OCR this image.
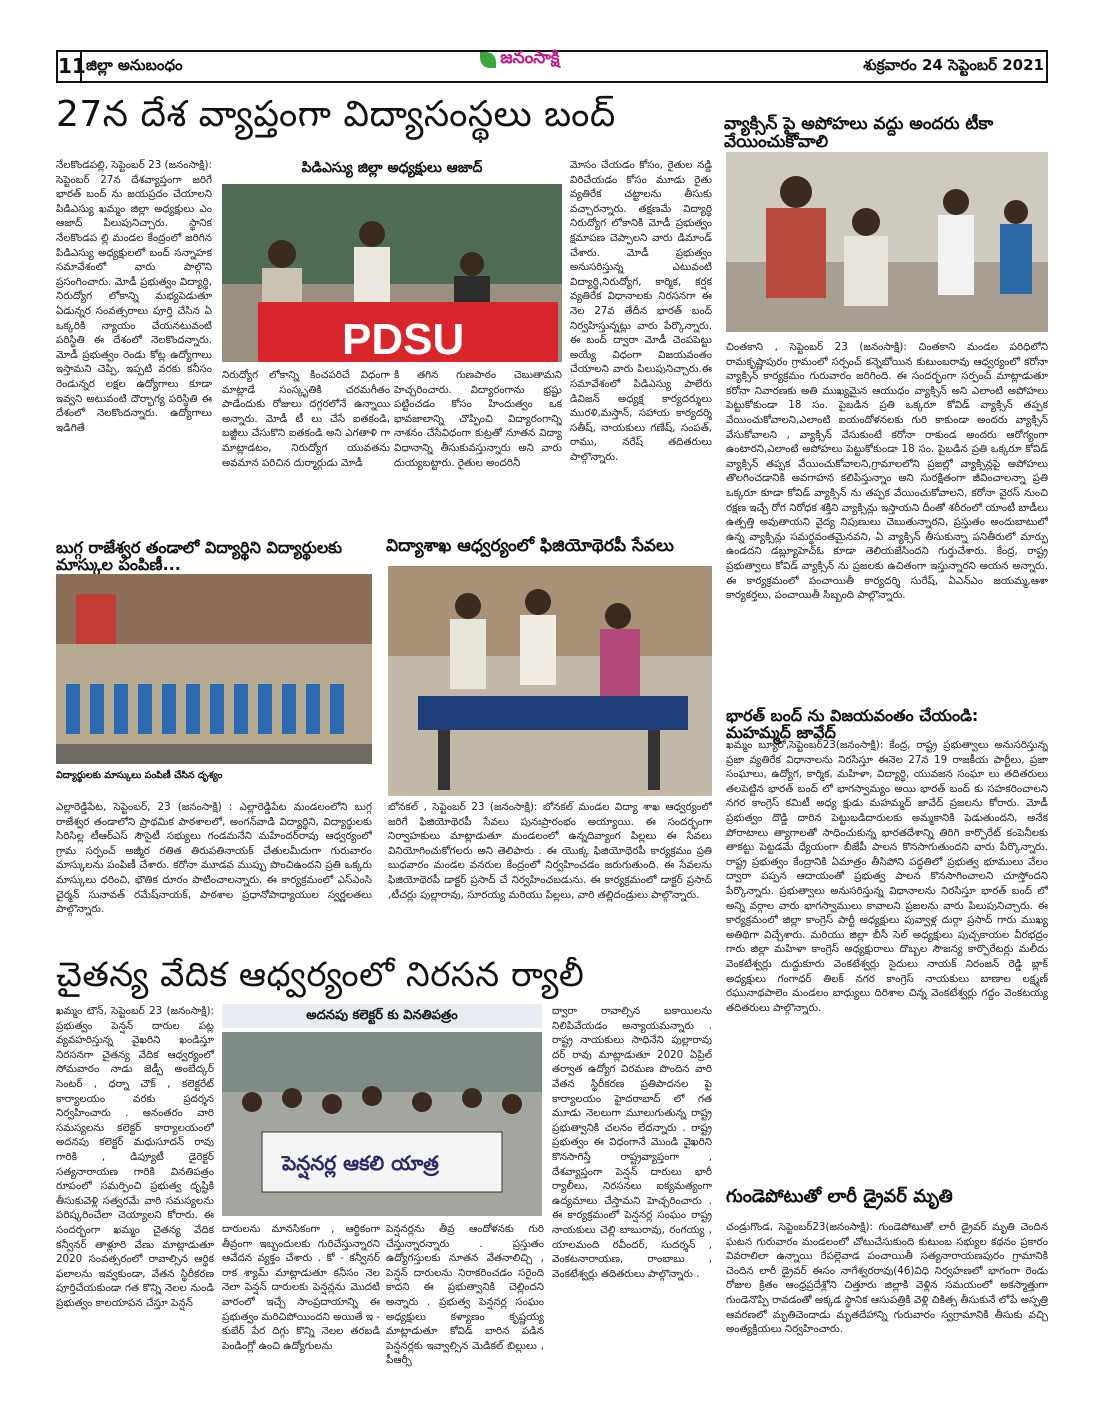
11 జిల్లా అనుబంధం	జనంసాక్షి	శుక్రవారం 24 సెప్టెంబర్ 2021
27న దేశ వ్యాప్తంగా విద్యాసంస్థలు బంద్
నేలకొండపల్లి, సెప్టెంబర్ 23 (జనంసాక్షి): సెప్టెంబర్ 27న దేశవ్యాప్తంగా జరిగే భారత్ బంద్ ను జయప్రదం చేయాలని పిడిఎస్యు ఖమ్మం జిల్లా అధ్యక్షులు ఎం ఆజాద్ పిలుపునిచ్చారు. స్థానిక నేలకొండప ల్లి మండల కేంద్రంలో జరిగిన పిడిఎస్యు అధ్యక్షులలో బంద్ సన్నాహక సమావేశంలో వారు పాల్గొని ప్రసంగించారు. మోడీ ప్రభుత్వం విద్యార్థి, నిరుద్యోగ లోకాన్ని మభ్యపెడుతూ ఏడున్నర సంవత్సరాలు పూర్తి చేసిన ఏ ఒక్కరికి న్యాయం చేయనటువంటి పరిస్థితి ఈ దేశంలో నెలకొందన్నారు. మోడీ ప్రభుత్వం రెండు కోట్ల ఉద్యోగాలు ఇస్తామని చెప్పి, ఇప్పటి వరకు కనీసం రెండున్నర లక్షల ఉద్యోగాలు కూడా ఇవ్వని అటువంటి దౌర్భాగ్య పరిస్థితి ఈ దేశంలో నెలకొందన్నారు. ఉద్యోగాలు ఇడిగితే
పిడిఎస్యు జిల్లా అధ్యక్షులు ఆజాద్
PDSU
నిరుద్యోగ లోకాన్ని కించపరిచే విధంగా మాట్లాడే సంస్కృతికి చరమగీతం పాడేందుకు రోజులు దగ్గరలోనే ఉన్నాయి అన్నారు. మోడీ టీ లు చేసే ఐతకండి, బజ్జీలు చేసుకొని ఐతకండి అని ఎగతాళి గా మాట్లాడటం, నిరుద్యోగ యువతను అవమాన పరిచిన దుర్మార్గుడు మోడీ
కి తగిన గుణపాఠం చెబుతామని హెచ్చరించారు. విద్యారంగాను భ్రష్టు పట్టించడం కోసం హిందుత్వం ఒక భావజాలాన్ని చొప్పించి విద్యారంగాన్ని నాశనం చేసేవిధంగా కుట్రతో నూతన విద్యా విధానాన్ని తీసుకువస్తున్నారు అని వారు దుయ్యబట్టారు. రైతుల అందరినీ
మోసం చేయడం కోసం, రైతుల నడ్డి విరిచేయడం కోసం మూడు రైతు వ్యతిరేక చట్టాలను తీసుకు వచ్చారన్నారు. తక్షణమే విద్యార్థి నిరుద్యోగ లోకానికి మోడీ ప్రభుత్వం క్షమాపణ చెప్పాలని వారు డిమాండ్ చేశారు. మోడీ ప్రభుత్వం అనుసరిస్తున్న ఎటువంటి విద్యార్థి,నిరుద్యోగ, కార్మిక, కర్షక వ్యతిరేక విధానాలకు నిరసనగా ఈ నెల 27వ తేదీన భారత్ బంద్ నిర్వహిస్తున్నట్లు వారు పేర్కొన్నారు. ఈ బంద్ ద్వారా మోడీ చెంపపెట్టు అయ్యే విధంగా విజయవంతం చేయాలని వారు పిలుపునిచ్చారు.ఈ సమావేశంలో పిడిఎస్యు పాలేరు డివిజన్ అధ్యక్ష కార్యదర్శులు మురళి,మస్తాన్, సహాయ కార్యదర్శి సతీష్, నాయకులు గణేష్, సంపత్, రాము, నరేష్ తదితరులు పాల్గొన్నారు.
వ్యాక్సిన్ పై అపోహలు వద్దు అందరు టీకా వేయించుకోవాలి
చింతకాని , సెప్టెంబర్ 23 (జనంసాక్షి): చింతకాని మండల పరిధిలోని రామకృష్ణాపురం గ్రామంలో సర్పంచ్ కన్నెబోయిన కుటుంబరావు ఆధ్వర్యంలో కరోనా వ్యాక్సిన్ కార్యక్రమం గురువారం జరిగింది. ఈ సందర్భంగా సర్పంచ్ మాట్లాడుతూ కరోనా నివారణకు అతి ముఖ్యమైన ఆయుధం వ్యాక్సిన్ అని ఎలాంటి అపోహలు పెట్టుకోకుండా 18 సం. పైబడిన ప్రతి ఒక్కరూ కోవిడ్ వ్యాక్సిన్ తప్పక వేయించుకోవాలని,ఎలాంటి ఐయందోళనలకు గురి కాకుండా అందరు వ్యాక్సిన్ వేసుకోవాలని , వ్యాక్సిన్ వేసుకుంటే కరోనా రాకుండ అందరు ఆరోగ్యంగా ఉంటారని,ఎలాంటి అపోహలు పెట్టుకోకుండా 18 సం. పైబడిన ప్రతి ఒక్కరూ కోవిడ్ వ్యాక్సిన్ తప్పక వేయించుకోవాలని,గ్రామాలలోని ప్రజల్లో వ్యాక్సిన్లపై అపోహలు తొలగించడానికి అవగాహన కలిపిస్తున్నాం అని సురక్షితంగా జీవించాలన్నా ప్రతి ఒక్కరూ కూడా కోవిడ్ వ్యాక్సిన్ ను తప్పక వేయించుకోవాలని, కరోనా వైరస్ నుంచి రక్షణ ఇచ్చే రోగ నిరోధక శక్తిని వ్యాక్సిన్లు ఇస్తాయని దీంతో శరీరంలో యాంటీ బాడీలు ఉత్పత్తి అవుతాయని వైద్య నిపుణులు చెబుతున్నారని, ప్రస్తుతం అందుబాటులో ఉన్న వ్యాక్సిన్లు సమర్థవంతమైనవని, ఏ వ్యాక్సిన్ తీసుకున్నా పనితీరులో మార్పు ఉండదని డబ్ల్యూహెచ్ఓ కూడా తెలియజేసిందని గుర్తుచేశారు. కేంద్ర, రాష్ట్ర ప్రభుత్వాలు కోవిడ్ వ్యాక్సిన్ ను ప్రజలకు ఉచితంగా ఇస్తున్నారని అయన అన్నారు. ఈ కార్యక్రమంలో పంచాయితీ కార్యదర్శి సురేష్, ఏఎన్ఎం జయమ్మ,ఆశా కార్యకర్తలు, పంచాయితీ సిబ్బంది పాల్గొన్నారు.
బుగ్గ రాజేశ్వర తండాలో విద్యార్థిని విద్యార్థులకు మాస్కుల పంపిణీ...
విద్యార్థులకు మాస్కులు పంపిణీ చేసిన దృశ్యం
ఎల్లారెడ్డిపేట, సెప్టెంబర్, 23 (జనంసాక్షి) : ఎల్లారెడ్డిపేట మండలంలోని బుగ్గ రాజేశ్వర తండాలోని ప్రాథమిక పాఠశాలలో, అంగన్‌వాడి విద్యార్థిని, విద్యార్థులకు సిరిసిల్ల టీఆర్ఎస్ సౌసైటీ సభ్యులు గండమనేని మహేందర్‌రావు ఆధ్వర్యంలో గ్రామ సర్పంచ్ అజ్మీర రతిత తిరుపతినాయక్ చేతులమీదుగా గురువారం మాస్కులను పంపిణీ చేశారు. కరోనా మూడవ ముప్పు పొంచిఉందని ప్రతి ఒక్కరు మాస్కులు ధరించి, భౌతిక దూరం పాటించాలన్నారు. ఈ కార్యక్రమంలో ఎస్ఎంసి చైర్మన్ సునావత్ రమేష్‌నాయక్, పాఠశాల ప్రధానోపాధ్యాయుల స్వర్ణలతలు పాల్గొన్నారు.
విద్యాశాఖ ఆధ్వర్యంలో ఫిజియోథెరపీ సేవలు
బోనకల్ , సెప్టెంబర్ 23 (జనంసాక్షి): బోనకల్ మండల విద్యా శాఖ ఆధ్వర్యంలో జరిగే ఫిజియోథెరపీ సేవలు పునఃప్రారంభం అయ్యాయి. ఈ సందర్భంగా నిర్వాహకులు మాట్లాడుతూ మండలంలో ఉన్నదివ్యాంగ పిల్లలు ఈ సేవలు వినియోగించుకోగలరు అని తెలిపారు . ఈ యొక్క ఫిజియోథెరపీ కార్యక్రమం ప్రతి బుధవారం మండల వనరుల కేంద్రంలో నిర్వహించడం జరుగుతుంది. ఈ సేవలను ఫిజియోథెరపీ డాక్టర్ ప్రసాద్ చే నిర్వహించబడును. ఈ కార్యక్రమంలో డాక్టర్ ప్రసాద్ ,టీచర్లు పుల్లారావు, సూరయ్య మరియు పిల్లలు, వారి తల్లిదండ్రులు పాల్గొన్నారు.
భారత్ బంద్ ను విజయవంతం చేయండి: మహమ్మద్ జావేద్
ఖమ్మం బ్యూరో,సెప్టెంబర్23(జనంసాక్షి): కేంద్ర, రాష్ట్ర ప్రభుత్వాలు అనుసరిస్తున్న ప్రజా వ్యతిరేక విధానాలను నిరసిస్తూ ఈనెల 27న 19 రాజకీయ పార్టీలు, ప్రజా సంఘాలు, ఉద్యోగ, కార్మిక, మహిళా, విద్యార్థి, యువజన సంఘా లు తదితరులు తలపెట్టిన భారత్ బంద్ లో భాగస్వామ్యం అయి భారత్ బంద్ కు సహకరించాలని నగర కాంగ్రెస్ కమిటీ అధ్య క్షుడు మహమ్మద్ జావేద్ ప్రజలను కోరారు. మోడీ ప్రభుత్వం దొడ్డి దారిన పెట్టుబడిదారులకు అమ్మకానికి పెడుతుందని, అనేక పోరాటాలు త్యాగాలతో సాధించుకున్న భారతదేశాన్ని తిరిగి కార్పొరేట్ కంపెనీలకు తాకట్టు పెట్టడమే ధ్యేయంగా బీజేపీ పాలన కొనసాగుతుందని వారు పేర్కొన్నారు. రాష్ట్ర ప్రభుత్వం కేంద్రానికి ఏమాత్రం తీసిపోని పద్ధతిలో ప్రభుత్వ భూములు వేలం ద్వారా పప్పన ఆదాయంతో ప్రభుత్వ పాలన కొనసాగించాలని చూస్తోందని పేర్కొన్నారు. ప్రభుత్వాలు అనుసరిస్తున్న విధానాలను నిరసిస్తూ భారత్ బంద్ లో అన్ని వర్గాల వారు భాగస్వాములు కావాలని ప్రజలను వారు పిలుపునిచ్చారు. ఈ కార్యక్రమంలో జిల్లా కాంగ్రెస్ పార్టీ అధ్యక్షులు పువ్వాళ్ల దుర్గా ప్రసాద్ గారు ముఖ్య అతిథిగా విచ్చేశారు. మరియు జిల్లా బీసీ సెల్ అధ్యక్షులు పుచ్చకాయల వీరభద్రం గారు జిల్లా మహిళా కాంగ్రెస్ అధ్యక్షురాలు దొబ్బల సౌజన్య కార్పొరేటర్లు మలీదు వెంకటేశ్వర్లు దుద్దుకూరు వెంకటేశ్వర్లు సైదులు నాయక్ నిరంజన్ రెడ్డి బ్లాక్ అధ్యక్షులు గంగాధర్ తిలక్ నగర కాంగ్రెస్ నాయకులు బాణాల లక్ష్మణ్ రఘునాథపాలెం మండలం బాధ్యులు దిరిశాల చిన్న వెంకటేశ్వర్లు గద్దం వెంకటయ్య తదితరులు పాల్గొన్నారు.
చైతన్య వేదిక ఆధ్వర్యంలో నిరసన ర్యాలీ
ఖమ్మం టౌన్, సెప్టెంబర్ 23 (జనంసాక్షి): ప్రభుత్వం పెన్షన్ దారుల పట్ల వ్యవహరిస్తున్న వైఖరిని ఖండిస్తూ నిరసనగా చైతన్య వేదిక ఆధ్వర్యంలో సోమవారం నాడు జెడ్పీ అంబేద్కర్ సెంటర్ , ధర్నా చౌక్ , కలెక్టరేట్ కార్యాలయం వరకు ప్రదర్శన నిర్వహించారు . అనంతరం వారి సమస్యలను కలెక్టర్ కార్యాలయంలో అదనపు కలెక్టర్ మధుసూదన్ రావు గారికి , డిప్యూటీ డైరెక్టర్ సత్యనారాయణ గారికి వినతిపత్రం రూపంలో సమర్పించి ప్రభుత్వ దృష్టికి తీసుకువెళ్లి సత్వరమే వారి సమస్యలను పరిష్కరించేలా చెయ్యాలని కోరారు. ఈ సందర్భంగా ఖమ్మం చైతన్య వేదిక కన్వీనర్ తాళ్లూరి వేణు మాట్లాడుతూ 2020 సంవత్సరంలో రావాల్సిన ఆర్థిక ఫలాలను ఇవ్వకుండా, వేతన స్థిరీకరణ పూర్తిచేయకుండా గత కొన్ని నెలల నుండి ప్రభుత్వం కాలయాపన చేస్తూ పెన్షన్
అదనపు కలెక్టర్ కు వినతిపత్రం
పెన్షనర్ల ఆకలి యాత్ర
దారులను మానసికంగా , ఆర్థికంగా తీవ్రంగా ఇబ్బందులకు గురిచేస్తున్నారని ఆవేదన వ్యక్తం చేశారు . కో - కన్వీనర్ రాక శ్యామ్ మాట్లాడుతూ కనీసం నెల నెలా పెన్షన్ దారులకు పెన్షన్లను మొదటి వారంలో ఇచ్చే సాంప్రదాయాన్ని ఈ ప్రభుత్వం మరిచిపోయిందని అయితే ఇ - కుబేర్ పేర దిగ్గు కొన్ని నెలల తరబడి పెండింగ్లో ఉంచి ఉద్యోగులను
పెన్షనర్లను తీవ్ర ఆందోళనకు గురి చేస్తున్నారన్నారు . ప్రస్తుతం ఉద్యోగస్తులకు నూతన వేతనాలిచ్చి , పెన్షన్ దారులను నిరాకరించడం సరైంది కాదని ఈ ప్రభుత్వానికి చెల్లిందని అన్నారు . ప్రభుత్వ పెన్షనర్ల సంఘం అధ్యక్షులు కళ్యాణం కృష్ణయ్య మాట్లాడుతూ కోవిడ్ బారిన పడిన పెన్షనర్లకు ఇవ్వాల్సిన మెడికల్ బిల్లులు , పీఆర్సీ
ద్వారా రావాల్సిన బకాయిలను నిలిపివేయడం అన్యాయమన్నారు . రాష్ట్ర నాయకులు సాధినేని పుల్లారావు దర్ రావు మాట్లాడుతూ 2020 ఏప్రిల్ తర్వాత ఉద్యోగ విరమణ పొందిన వారి వేతన స్థిరీకరణ ప్రతిపాదనల పై కార్యాలయం హైదరాబాద్ లో గత మూడు నెలలుగా మూలుగుతున్న రాష్ట్ర ప్రభుత్వానికి చలనం లేదన్నారు . రాష్ట్ర ప్రభుత్వం ఈ విధంగానే మొండి వైఖరిని కొనసాగిస్తే రాష్ట్రవ్యాప్తంగా , దేశవ్యాప్తంగా పెన్షన్ దారులు భారీ ర్యాలీలు, నిరసనలు ఐక్యమత్యంగా ఉద్యమాలు చేస్తామని హెచ్చరించారు . ఈ కార్యక్రమంలో పెన్షనర్ల సంఘం రాష్ట్ర నాయకులు చెల్లి బాబురావు, రంగయ్య , యాలమంది రవీందర్, సుదర్శన్ , వెంకటనారాయణ, రాంబాబు , వెంకటేశ్వర్లు తదితరులు పాల్గొన్నారు .
గుండెపోటుతో లారీ డ్రైవర్ మృతి
చండ్రుగొండ, సెప్టెంబర్23(జనంసాక్షి): గుండెపోటుతో లారీ డ్రైవర్ మృతి చెందిన ఘటన గురువారం మండలంలో చోటుచేసుకుంది కుటుంబ సభ్యుల కథనం ప్రకారం వివరాలిలా ఉన్నాయి రేపల్లెవాడ పంచాయితీ సత్యనారాయణపురం గ్రామానికి చెందిన లారీ డ్రైవర్ ఈసం నాగేశ్వరరావు(46)విధి నిర్వహణలో భాగంగా రెండు రోజుల క్రితం ఆంధ్రప్రదేశ్లోని చిత్తూరు జిల్లాకి వెళ్లిన సమయంలో అకస్మాత్తుగా గుండెనొప్పి రావడంతో అక్కడ స్థానిక ఆసుపత్రికి వెళ్లి చికిత్స తీసుకునే లోపే అస్పత్రి ఆవరణలో మృతిచెందాడు మృతదేహాన్ని గురువారం స్వగ్రామానికి తీసుకు వచ్చి అంత్యక్రియలు నిర్వహించారు.
